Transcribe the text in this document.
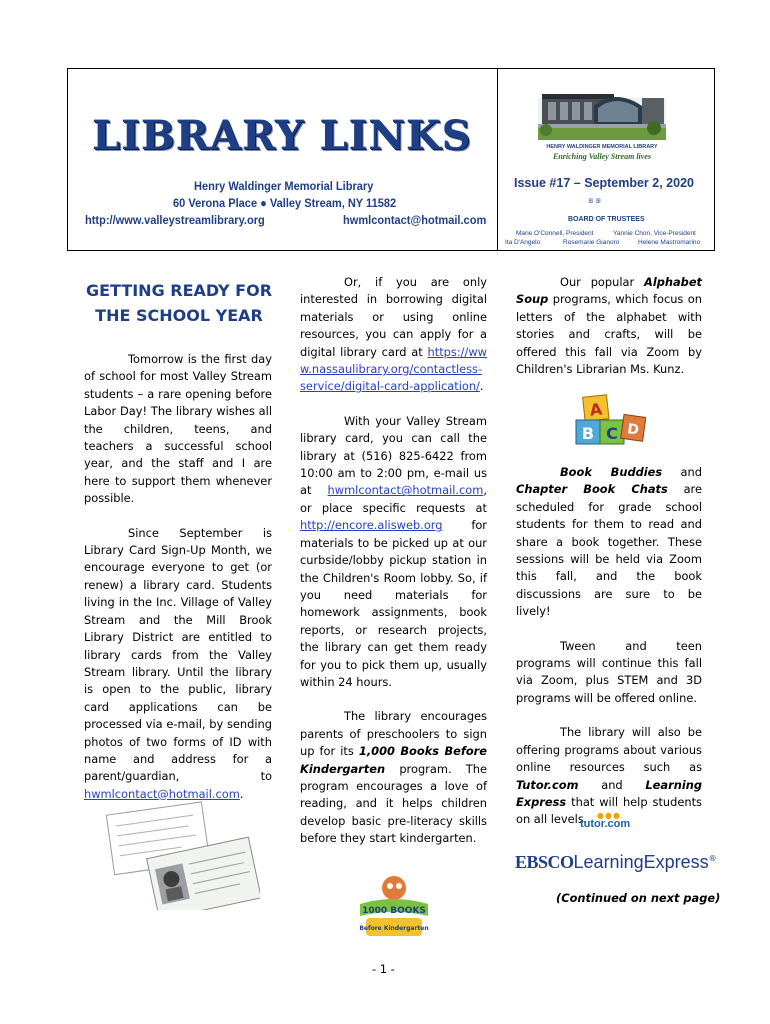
LIBRARY LINKS
Henry Waldinger Memorial Library
60 Verona Place ● Valley Stream, NY 11582
http://www.valleystreamlibrary.org	hwmlcontact@hotmail.com
HENRY WALDINGER MEMORIAL LIBRARY
Enriching Valley Stream lives
Issue #17 – September 2, 2020
ꕥ ꕥ
BOARD OF TRUSTEES
Marie O'Connell, President	Yannie Chon, Vice-President
Ita D'Angelo	Rosemarie Gianoro	Helene Mastromarino
GETTING READY FOR THE SCHOOL YEAR

Tomorrow is the first day of school for most Valley Stream students – a rare opening before Labor Day! The library wishes all the children, teens, and teachers a successful school year, and the staff and I are here to support them whenever possible.

Since September is Library Card Sign-Up Month, we encourage everyone to get (or renew) a library card. Students living in the Inc. Village of Valley Stream and the Mill Brook Library District are entitled to library cards from the Valley Stream library. Until the library is open to the public, library card applications can be processed via e-mail, by sending photos of two forms of ID with name and address for a parent/guardian, to hwmlcontact@hotmail.com.

Or, if you are only interested in borrowing digital materials or using online resources, you can apply for a digital library card at https://www.nassaulibrary.org/contactless-service/digital-card-application/.

With your Valley Stream library card, you can call the library at (516) 825-6422 from 10:00 am to 2:00 pm, e-mail us at hwmlcontact@hotmail.com, or place specific requests at http://encore.alisweb.org for materials to be picked up at our curbside/lobby pickup station in the Children's Room lobby. So, if you need materials for homework assignments, book reports, or research projects, the library can get them ready for you to pick them up, usually within 24 hours.

The library encourages parents of preschoolers to sign up for its 1,000 Books Before Kindergarten program. The program encourages a love of reading, and it helps children develop basic pre-literacy skills before they start kindergarten.

1000 BOOKS
Before Kindergarten

Our popular Alphabet Soup programs, which focus on letters of the alphabet with stories and crafts, will be offered this fall via Zoom by Children's Librarian Ms. Kunz.

A
B C D

Book Buddies and Chapter Book Chats are scheduled for grade school students for them to read and share a book together. These sessions will be held via Zoom this fall, and the book discussions are sure to be lively!

Tween and teen programs will continue this fall via Zoom, plus STEM and 3D programs will be offered online.

The library will also be offering programs about various online resources such as Tutor.com and Learning Express that will help students on all levels.	●●●
tutor.com
EBSCOLearningExpress®
(Continued on next page)
- 1 -
